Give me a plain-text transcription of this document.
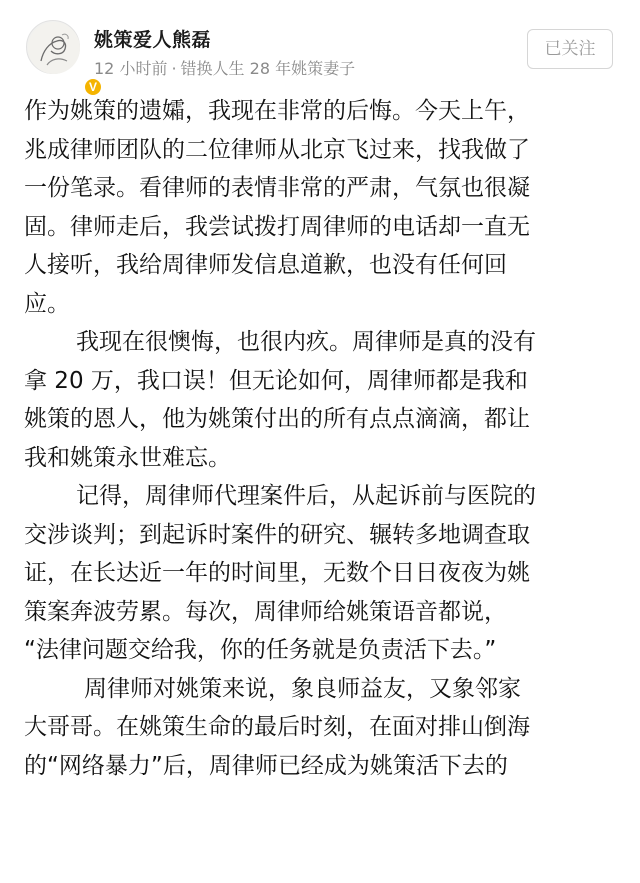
V
姚策爱人熊磊
12 小时前 · 错换人生 28 年姚策妻子
已关注
作为姚策的遗孀，我现在非常的后悔。今天上午，
兆成律师团队的二位律师从北京飞过来，找我做了
一份笔录。看律师的表情非常的严肃，气氛也很凝
固。律师走后，我尝试拨打周律师的电话却一直无
人接听，我给周律师发信息道歉，也没有任何回
应。
我现在很懊悔，也很内疚。周律师是真的没有
拿 20 万，我口误！但无论如何，周律师都是我和
姚策的恩人，他为姚策付出的所有点点滴滴，都让
我和姚策永世难忘。
记得，周律师代理案件后，从起诉前与医院的
交涉谈判；到起诉时案件的研究、辗转多地调查取
证，在长达近一年的时间里，无数个日日夜夜为姚
策案奔波劳累。每次，周律师给姚策语音都说，
“法律问题交给我，你的任务就是负责活下去。”
周律师对姚策来说，象良师益友，又象邻家
大哥哥。在姚策生命的最后时刻，在面对排山倒海
的“网络暴力”后，周律师已经成为姚策活下去的
